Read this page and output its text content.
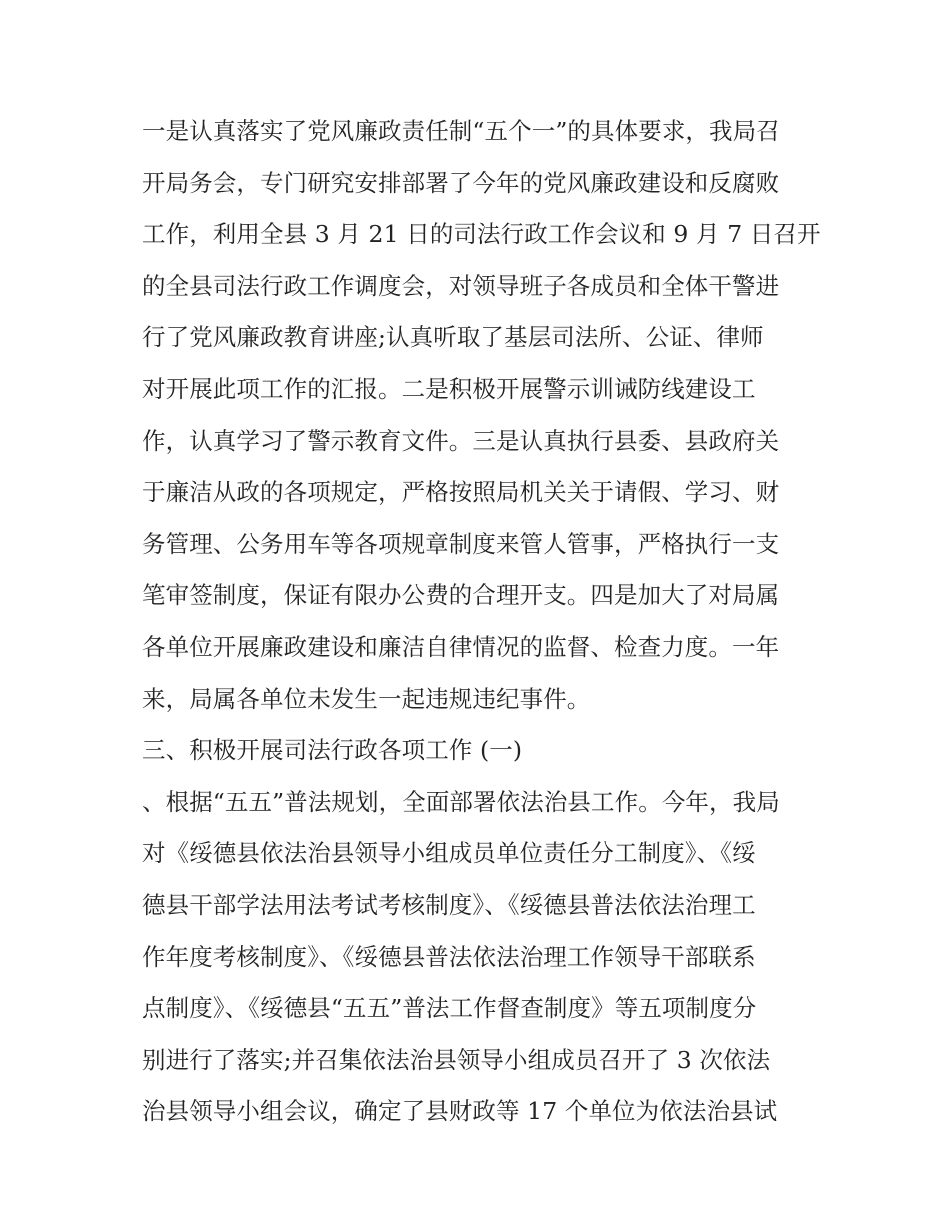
一是认真落实了党风廉政责任制“五个一”的具体要求，我局召
开局务会，专门研究安排部署了今年的党风廉政建设和反腐败
工作，利用全县 3 月 21 日的司法行政工作会议和 9 月 7 日召开
的全县司法行政工作调度会，对领导班子各成员和全体干警进
行了党风廉政教育讲座;认真听取了基层司法所、公证、律师
对开展此项工作的汇报。二是积极开展警示训诫防线建设工
作，认真学习了警示教育文件。三是认真执行县委、县政府关
于廉洁从政的各项规定，严格按照局机关关于请假、学习、财
务管理、公务用车等各项规章制度来管人管事，严格执行一支
笔审签制度，保证有限办公费的合理开支。四是加大了对局属
各单位开展廉政建设和廉洁自律情况的监督、检查力度。一年
来，局属各单位未发生一起违规违纪事件。
三、积极开展司法行政各项工作 (一)
、根据“五五”普法规划，全面部署依法治县工作。今年，我局
对《绥德县依法治县领导小组成员单位责任分工制度》、《绥
德县干部学法用法考试考核制度》、《绥德县普法依法治理工
作年度考核制度》、《绥德县普法依法治理工作领导干部联系
点制度》、《绥德县“五五”普法工作督查制度》等五项制度分
别进行了落实;并召集依法治县领导小组成员召开了 3 次依法
治县领导小组会议，确定了县财政等 17 个单位为依法治县试
